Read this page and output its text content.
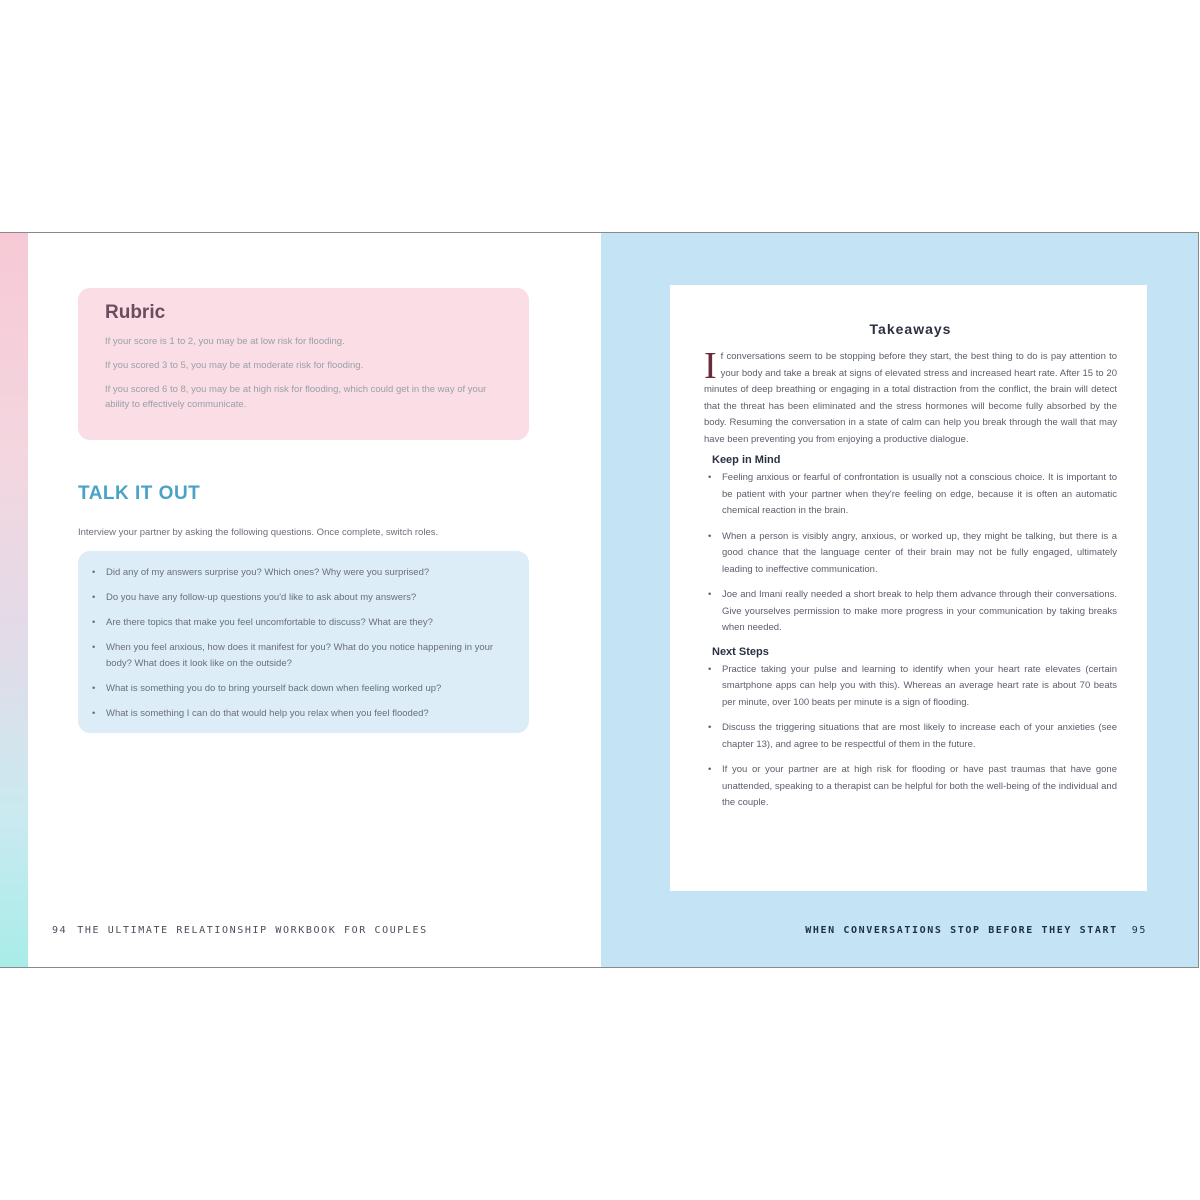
Rubric

If your score is 1 to 2, you may be at low risk for flooding.

If you scored 3 to 5, you may be at moderate risk for flooding.

If you scored 6 to 8, you may be at high risk for flooding, which could get in the way of your ability to effectively communicate.

TALK IT OUT

Interview your partner by asking the following questions. Once complete, switch roles.

• Did any of my answers surprise you? Which ones? Why were you surprised?
• Do you have any follow-up questions you'd like to ask about my answers?
• Are there topics that make you feel uncomfortable to discuss? What are they?
• When you feel anxious, how does it manifest for you? What do you notice happening in your body? What does it look like on the outside?
• What is something you do to bring yourself back down when feeling worked up?
• What is something I can do that would help you relax when you feel flooded?
94 THE ULTIMATE RELATIONSHIP WORKBOOK FOR COUPLES
Takeaways

If conversations seem to be stopping before they start, the best thing to do is pay attention to your body and take a break at signs of elevated stress and increased heart rate. After 15 to 20 minutes of deep breathing or engaging in a total distraction from the conflict, the brain will detect that the threat has been eliminated and the stress hormones will become fully absorbed by the body. Resuming the conversation in a state of calm can help you break through the wall that may have been preventing you from enjoying a productive dialogue.

Keep in Mind
• Feeling anxious or fearful of confrontation is usually not a conscious choice. It is important to be patient with your partner when they're feeling on edge, because it is often an automatic chemical reaction in the brain.
• When a person is visibly angry, anxious, or worked up, they might be talking, but there is a good chance that the language center of their brain may not be fully engaged, ultimately leading to ineffective communication.
• Joe and Imani really needed a short break to help them advance through their conversations. Give yourselves permission to make more progress in your communication by taking breaks when needed.
Next Steps
• Practice taking your pulse and learning to identify when your heart rate elevates (certain smartphone apps can help you with this). Whereas an average heart rate is about 70 beats per minute, over 100 beats per minute is a sign of flooding.
• Discuss the triggering situations that are most likely to increase each of your anxieties (see chapter 13), and agree to be respectful of them in the future.
• If you or your partner are at high risk for flooding or have past traumas that have gone unattended, speaking to a therapist can be helpful for both the well-being of the individual and the couple.
WHEN CONVERSATIONS STOP BEFORE THEY START 95
